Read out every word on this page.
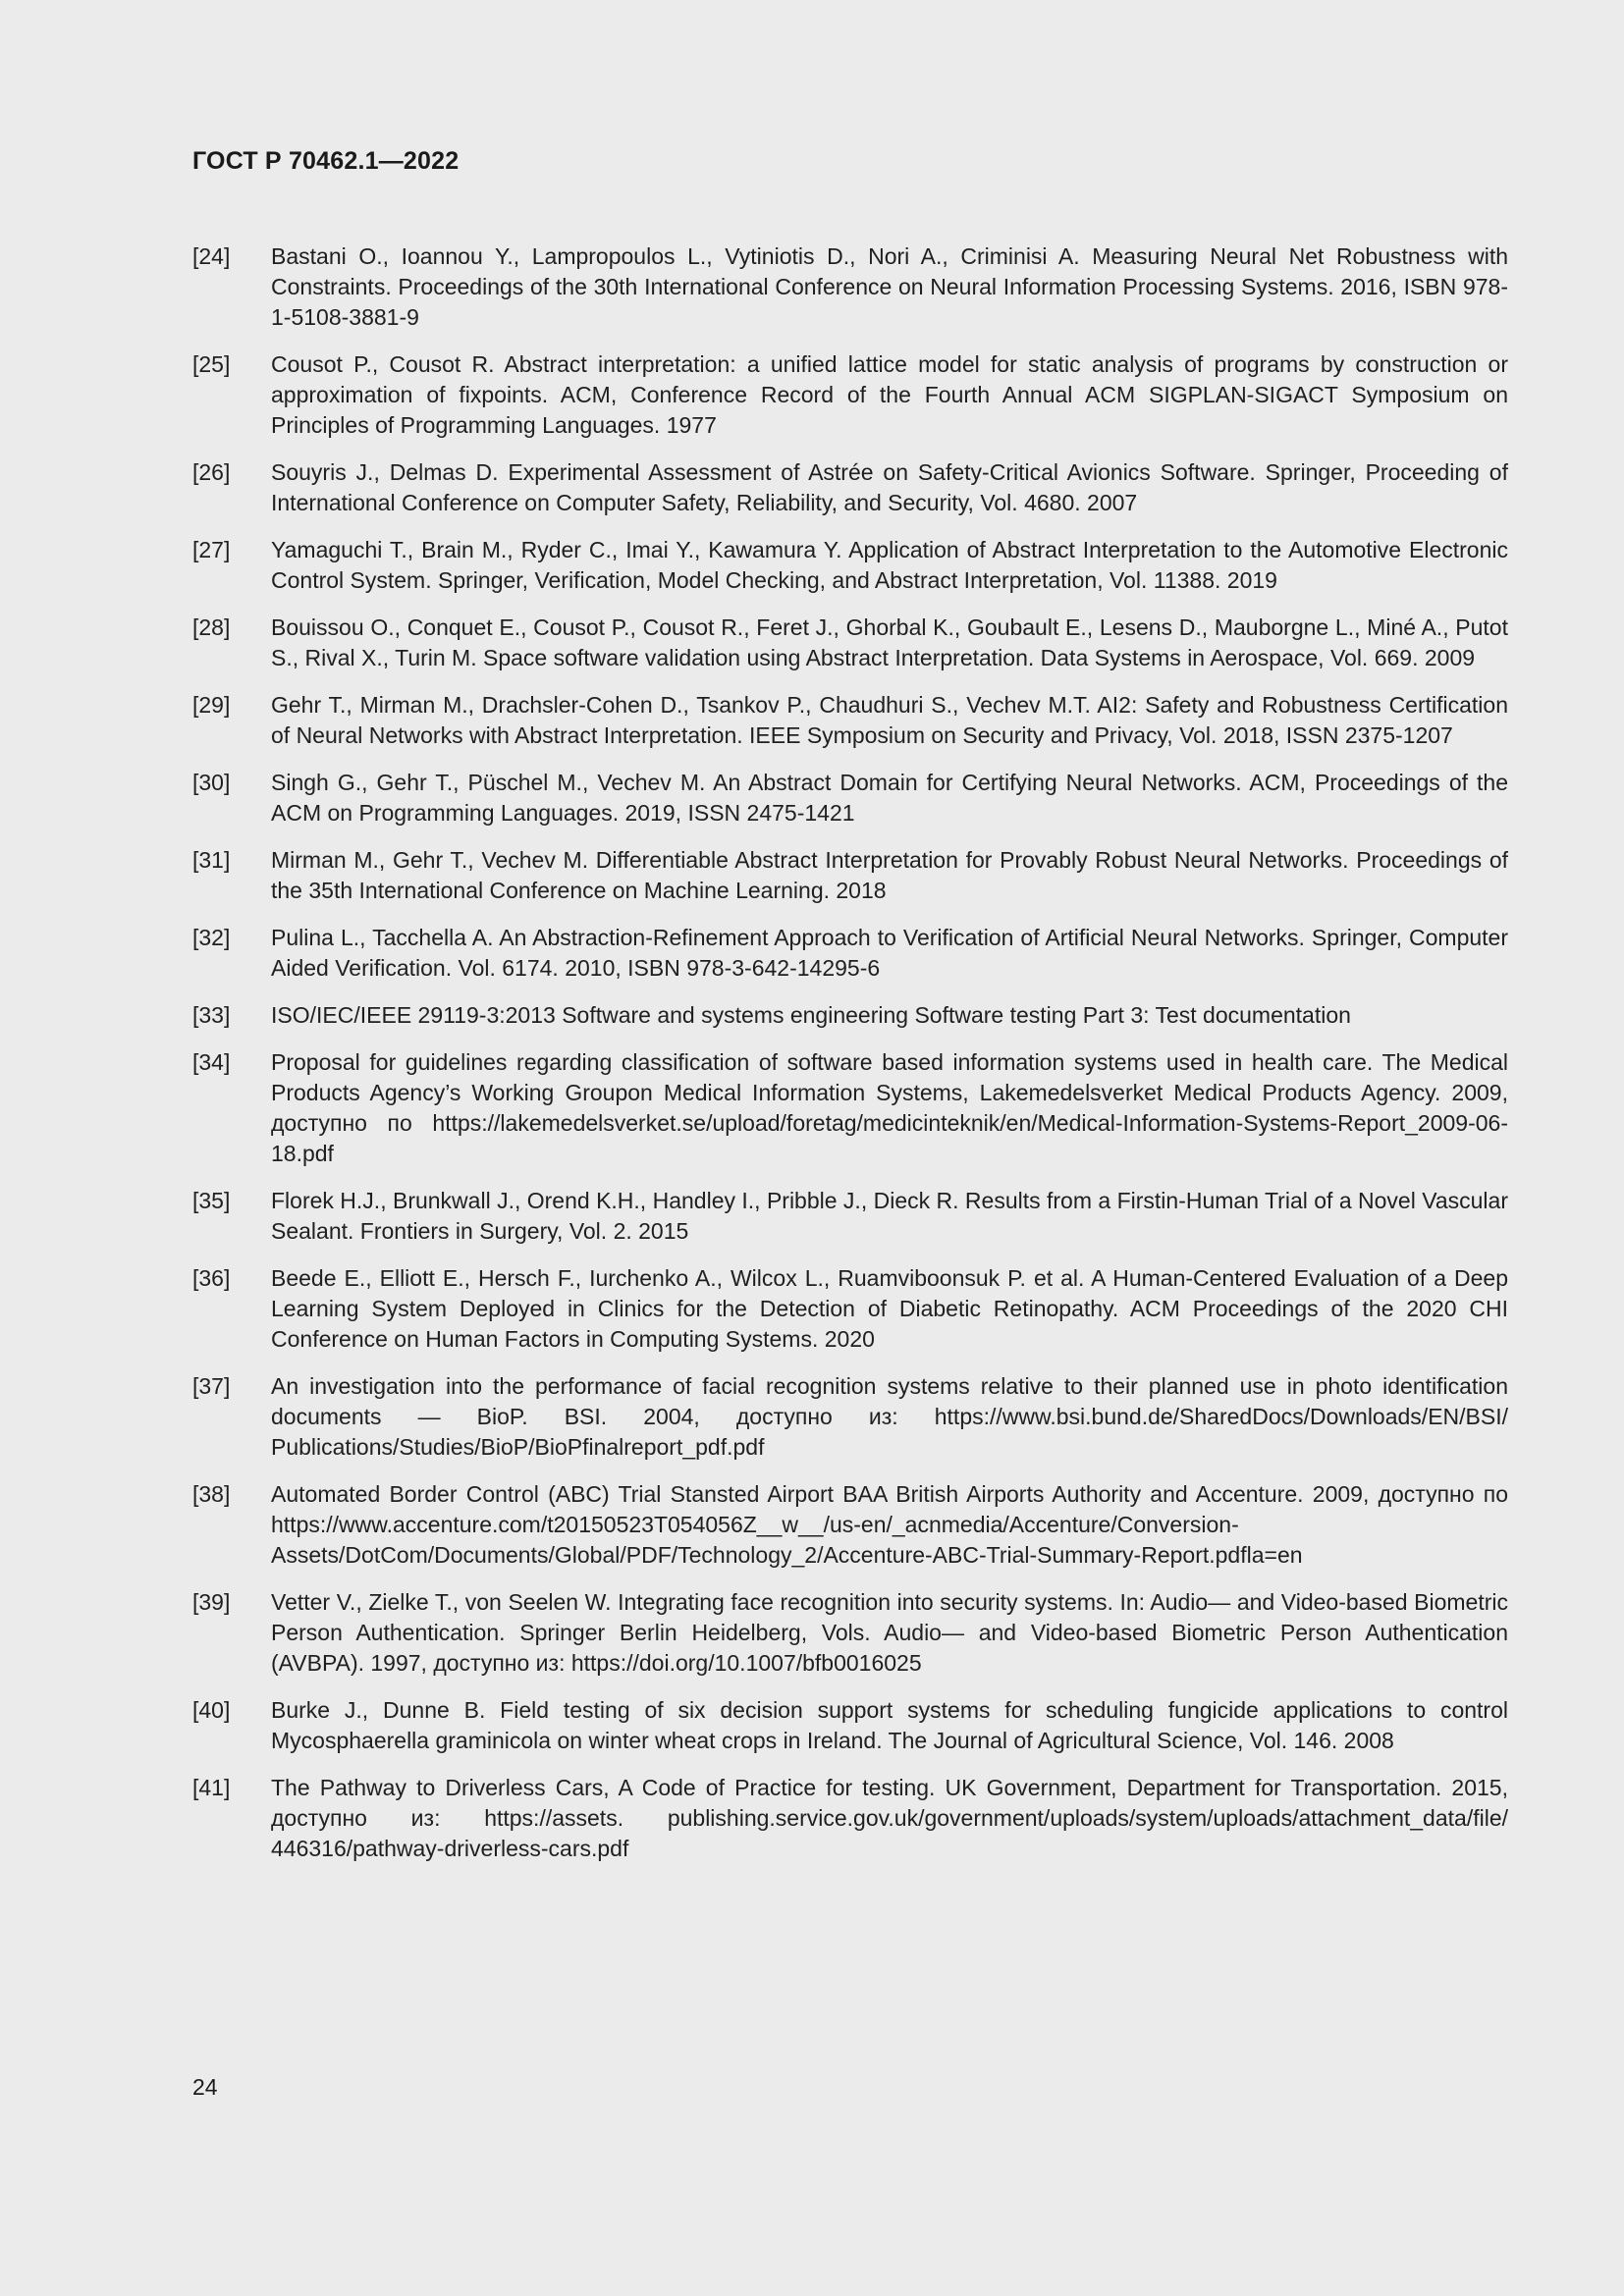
ГОСТ Р 70462.1—2022
[24]	Bastani O., Ioannou Y., Lampropoulos L., Vytiniotis D., Nori A., Criminisi A. Measuring Neural Net Robustness with Constraints. Proceedings of the 30th International Conference on Neural Information Processing Systems. 2016, ISBN 978-1-5108-3881-9
[25]	Cousot P., Cousot R. Abstract interpretation: a unified lattice model for static analysis of programs by construction or approximation of fixpoints. ACM, Conference Record of the Fourth Annual ACM SIGPLAN-SIGACT Symposium on Principles of Programming Languages. 1977
[26]	Souyris J., Delmas D. Experimental Assessment of Astrée on Safety-Critical Avionics Software. Springer, Proceeding of International Conference on Computer Safety, Reliability, and Security, Vol. 4680. 2007
[27]	Yamaguchi T., Brain M., Ryder C., Imai Y., Kawamura Y. Application of Abstract Interpretation to the Automotive Electronic Control System. Springer, Verification, Model Checking, and Abstract Interpretation, Vol. 11388. 2019
[28]	Bouissou O., Conquet E., Cousot P., Cousot R., Feret J., Ghorbal K., Goubault E., Lesens D., Mauborgne L., Miné A., Putot S., Rival X., Turin M. Space software validation using Abstract Interpretation. Data Systems in Aerospace, Vol. 669. 2009
[29]	Gehr T., Mirman M., Drachsler-Cohen D., Tsankov P., Chaudhuri S., Vechev M.T. AI2: Safety and Robustness Certification of Neural Networks with Abstract Interpretation. IEEE Symposium on Security and Privacy, Vol. 2018, ISSN 2375-1207
[30]	Singh G., Gehr T., Püschel M., Vechev M. An Abstract Domain for Certifying Neural Networks. ACM, Proceedings of the ACM on Programming Languages. 2019, ISSN 2475-1421
[31]	Mirman M., Gehr T., Vechev M. Differentiable Abstract Interpretation for Provably Robust Neural Networks. Proceedings of the 35th International Conference on Machine Learning. 2018
[32]	Pulina L., Tacchella A. An Abstraction-Refinement Approach to Verification of Artificial Neural Networks. Springer, Computer Aided Verification. Vol. 6174. 2010, ISBN 978-3-642-14295-6
[33]	ISO/IEC/IEEE 29119-3:2013 Software and systems engineering Software testing Part 3: Test documentation
[34]	Proposal for guidelines regarding classification of software based information systems used in health care. The Medical Products Agency’s Working Groupon Medical Information Systems, Lakemedelsverket Medical Products Agency. 2009, доступно по https://lakemedelsverket.se/upload/foretag/medicinteknik/en/Medical-Information-Systems-Report_2009-06-18.pdf
[35]	Florek H.J., Brunkwall J., Orend K.H., Handley I., Pribble J., Dieck R. Results from a Firstin-Human Trial of a Novel Vascular Sealant. Frontiers in Surgery, Vol. 2. 2015
[36]	Beede E., Elliott E., Hersch F., Iurchenko A., Wilcox L., Ruamviboonsuk P. et al. A Human-Centered Evaluation of a Deep Learning System Deployed in Clinics for the Detection of Diabetic Retinopathy. ACM Proceedings of the 2020 CHI Conference on Human Factors in Computing Systems. 2020
[37]	An investigation into the performance of facial recognition systems relative to their planned use in photo identification documents — BioP. BSI. 2004, доступно из: https://www.bsi.bund.de/SharedDocs/Downloads/EN/BSI/ Publications/Studies/BioP/BioPfinalreport_pdf.pdf
[38]	Automated Border Control (ABC) Trial Stansted Airport BAA British Airports Authority and Accenture. 2009, доступно по https://www.accenture.com/t20150523T054056Z__w__/us-en/_acnmedia/Accenture/Conversion-Assets/DotCom/Documents/Global/PDF/Technology_2/Accenture-ABC-Trial-Summary-Report.pdfla=en
[39]	Vetter V., Zielke T., von Seelen W. Integrating face recognition into security systems. In: Audio— and Video-based Biometric Person Authentication. Springer Berlin Heidelberg, Vols. Audio— and Video-based Biometric Person Authentication (AVBPA). 1997, доступно из: https://doi.org/10.1007/bfb0016025
[40]	Burke J., Dunne B. Field testing of six decision support systems for scheduling fungicide applications to control Mycosphaerella graminicola on winter wheat crops in Ireland. The Journal of Agricultural Science, Vol. 146. 2008
[41]	The Pathway to Driverless Cars, A Code of Practice for testing. UK Government, Department for Transportation. 2015, доступно из: https://assets. publishing.service.gov.uk/government/uploads/system/uploads/attachment_data/file/ 446316/pathway-driverless-cars.pdf
24
